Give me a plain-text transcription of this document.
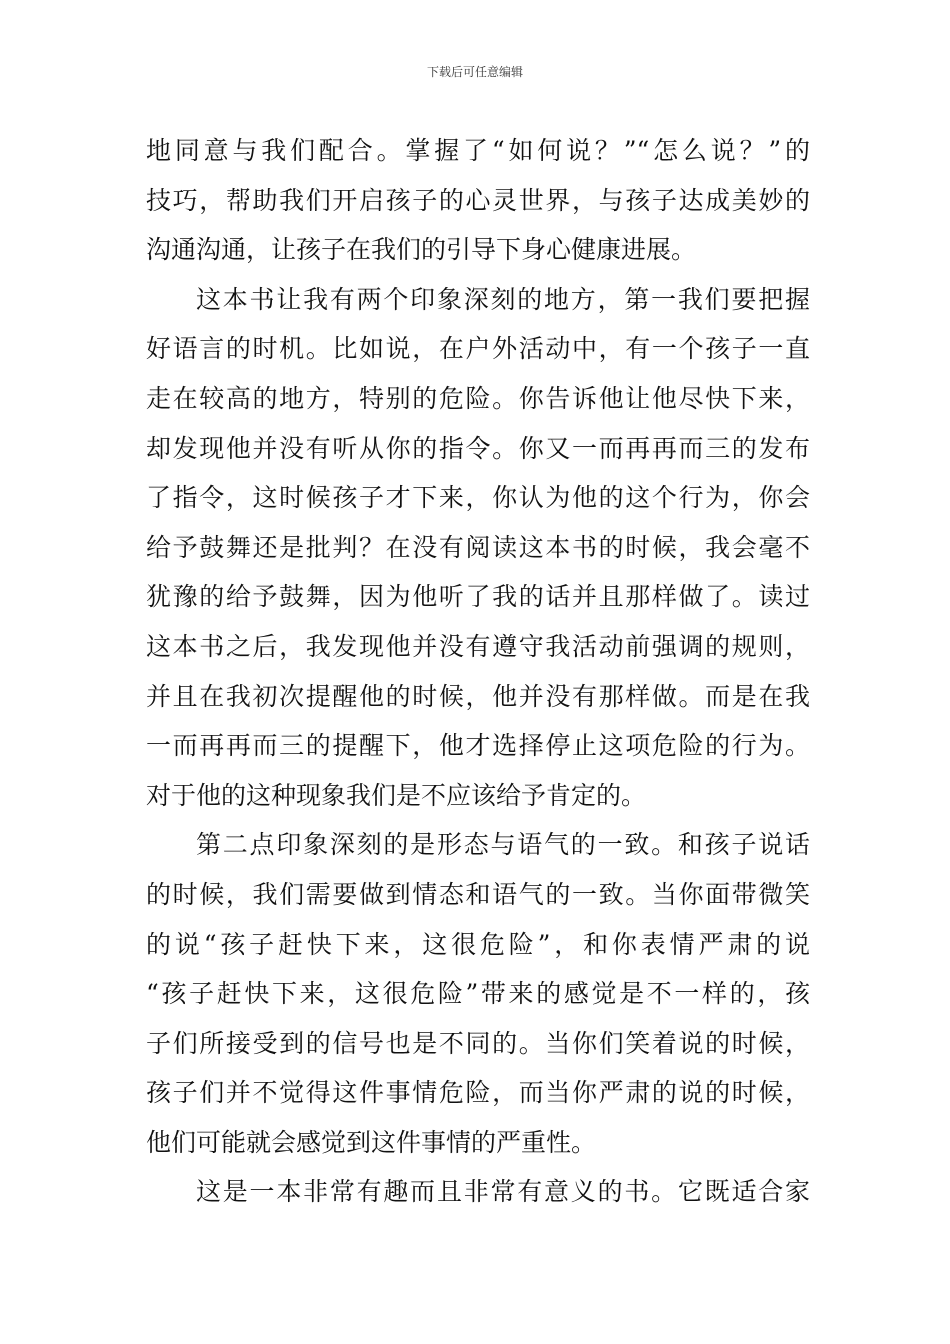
下载后可任意编辑
地同意与我们配合。掌握了“如何说？”“怎么说？”的
技巧，帮助我们开启孩子的心灵世界，与孩子达成美妙的
沟通沟通，让孩子在我们的引导下身心健康进展。
这本书让我有两个印象深刻的地方，第一我们要把握
好语言的时机。比如说，在户外活动中，有一个孩子一直
走在较高的地方，特别的危险。你告诉他让他尽快下来，
却发现他并没有听从你的指令。你又一而再再而三的发布
了指令，这时候孩子才下来，你认为他的这个行为，你会
给予鼓舞还是批判？在没有阅读这本书的时候，我会毫不
犹豫的给予鼓舞，因为他听了我的话并且那样做了。读过
这本书之后，我发现他并没有遵守我活动前强调的规则，
并且在我初次提醒他的时候，他并没有那样做。而是在我
一而再再而三的提醒下，他才选择停止这项危险的行为。
对于他的这种现象我们是不应该给予肯定的。
第二点印象深刻的是形态与语气的一致。和孩子说话
的时候，我们需要做到情态和语气的一致。当你面带微笑
的说“孩子赶快下来，这很危险”，和你表情严肃的说
“孩子赶快下来，这很危险”带来的感觉是不一样的，孩
子们所接受到的信号也是不同的。当你们笑着说的时候，
孩子们并不觉得这件事情危险，而当你严肃的说的时候，
他们可能就会感觉到这件事情的严重性。
这是一本非常有趣而且非常有意义的书。它既适合家
